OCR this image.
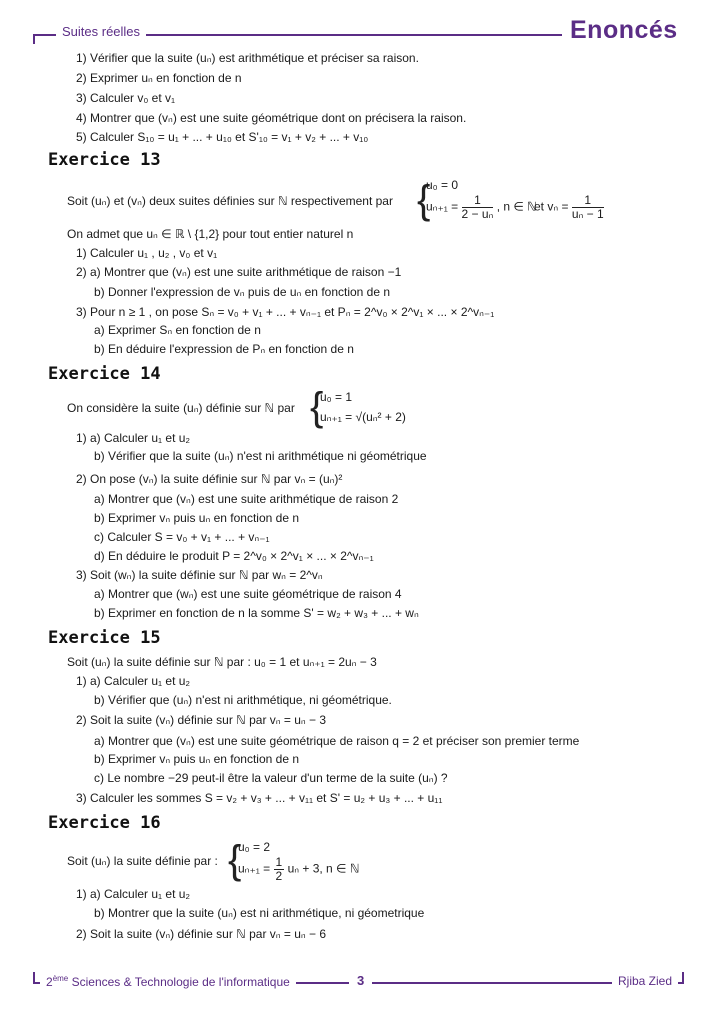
Suites réelles	Enoncés
1) Vérifier que la suite (uₙ) est arithmétique et préciser sa raison.
2) Exprimer uₙ en fonction de n
3) Calculer v₀ et v₁
4) Montrer que (vₙ) est une suite géométrique dont on précisera la raison.
5) Calculer S₁₀ = u₁ + ... + u₁₀ et S'₁₀ = v₁ + v₂ + ... + v₁₀
Exercice 13
Soit (uₙ) et (vₙ) deux suites définies sur ℕ respectivement par {
u₀ = 0
$u_{n+1} = \frac{1}{\text{2 − uₙ}}$ , n ∈ ℕ
et $v_n = \frac{1}{\text{uₙ − 1}}$
On admet que uₙ ∈ ℝ \ {1,2} pour tout entier naturel n
1) Calculer u₁ , u₂ , v₀ et v₁
2) a) Montrer que (vₙ) est une suite arithmétique de raison −1
b) Donner l'expression de vₙ puis de uₙ en fonction de n
3) Pour n ≥ 1 , on pose Sₙ = v₀ + v₁ + ... + vₙ₋₁ et Pₙ = 2^v₀ × 2^v₁ × ... × 2^vₙ₋₁
a) Exprimer Sₙ en fonction de n
b) En déduire l'expression de Pₙ en fonction de n
Exercice 14
On considère la suite (uₙ) définie sur ℕ par {
u₀ = 1
uₙ₊₁ = √(uₙ² + 2)
1) a) Calculer u₁ et u₂
b) Vérifier que la suite (uₙ) n'est ni arithmétique ni géométrique
2) On pose (vₙ) la suite définie sur ℕ par vₙ = (uₙ)²
a) Montrer que (vₙ) est une suite arithmétique de raison 2
b) Exprimer vₙ puis uₙ en fonction de n
c) Calculer S = v₀ + v₁ + ... + vₙ₋₁
d) En déduire le produit P = 2^v₀ × 2^v₁ × ... × 2^vₙ₋₁
3) Soit (wₙ) la suite définie sur ℕ par wₙ = 2^vₙ
a) Montrer que (wₙ) est une suite géométrique de raison 4
b) Exprimer en fonction de n la somme S' = w₂ + w₃ + ... + wₙ
Exercice 15
Soit (uₙ) la suite définie sur ℕ par : u₀ = 1 et uₙ₊₁ = 2uₙ − 3
1) a) Calculer u₁ et u₂
b) Vérifier que (uₙ) n'est ni arithmétique, ni géométrique.
2) Soit la suite (vₙ) définie sur ℕ par vₙ = uₙ − 3
a) Montrer que (vₙ) est une suite géométrique de raison q = 2 et préciser son premier terme
b) Exprimer vₙ puis uₙ en fonction de n
c) Le nombre −29 peut-il être la valeur d'un terme de la suite (uₙ) ?
3) Calculer les sommes S = v₂ + v₃ + ... + v₁₁ et S' = u₂ + u₃ + ... + u₁₁
Exercice 16
Soit (uₙ) la suite définie par : {
u₀ = 2
$u_{n+1} = \frac{1}{2}$ uₙ + 3, n ∈ ℕ
1) a) Calculer u₁ et u₂
b) Montrer que la suite (uₙ) est ni arithmétique, ni géometrique
2) Soit la suite (vₙ) définie sur ℕ par vₙ = uₙ − 6
2ème Sciences & Technologie de l'informatique	3	Rjiba Zied
